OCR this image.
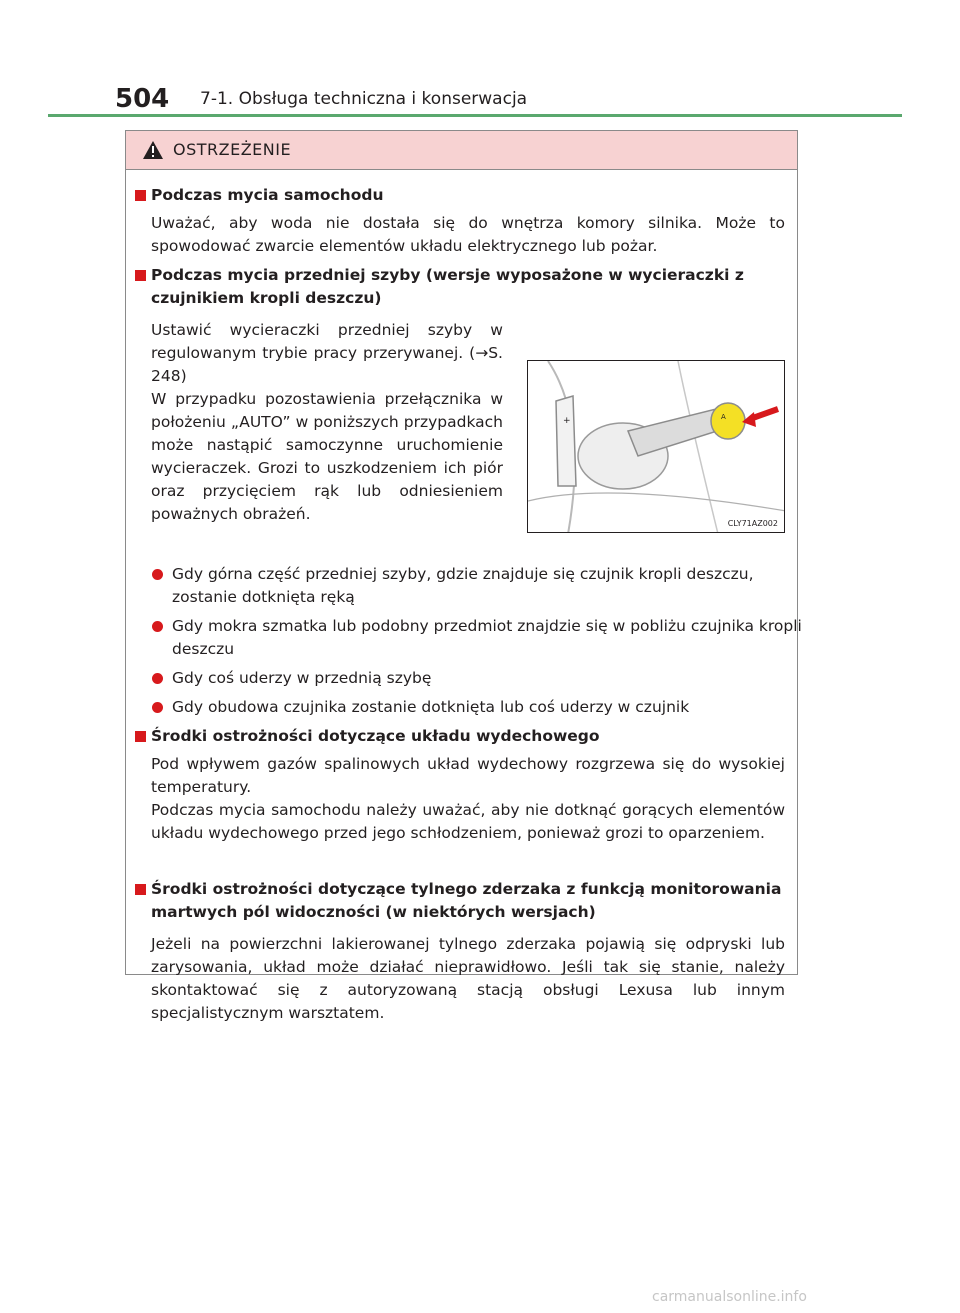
504 7-1. Obsługa techniczna i konserwacja
OSTRZEŻENIE
Podczas mycia samochodu
Uważać, aby woda nie dostała się do wnętrza komory silnika. Może to spowodować zwarcie elementów układu elektrycznego lub pożar.
Podczas mycia przedniej szyby (wersje wyposażone w wycieraczki z czujnikiem kropli deszczu)
Ustawić wycieraczki przedniej szyby w regulowanym trybie pracy przerywanej. (→S. 248)
W przypadku pozostawienia przełącznika w położeniu „AUTO” w poniższych przypadkach może nastąpić samoczynne uruchomienie wycieraczek. Grozi to uszkodzeniem ich piór oraz przycięciem rąk lub odniesieniem poważnych obrażeń.
+	A
CLY71AZ002
Gdy górna część przedniej szyby, gdzie znajduje się czujnik kropli deszczu, zostanie dotknięta ręką
Gdy mokra szmatka lub podobny przedmiot znajdzie się w pobliżu czujnika kropli deszczu
Gdy coś uderzy w przednią szybę
Gdy obudowa czujnika zostanie dotknięta lub coś uderzy w czujnik
Środki ostrożności dotyczące układu wydechowego
Pod wpływem gazów spalinowych układ wydechowy rozgrzewa się do wysokiej temperatury.
Podczas mycia samochodu należy uważać, aby nie dotknąć gorących elementów układu wydechowego przed jego schłodzeniem, ponieważ grozi to oparzeniem.
Środki ostrożności dotyczące tylnego zderzaka z funkcją monitorowania martwych pól widoczności (w niektórych wersjach)
Jeżeli na powierzchni lakierowanej tylnego zderzaka pojawią się odpryski lub zarysowania, układ może działać nieprawidłowo. Jeśli tak się stanie, należy skontaktować się z autoryzowaną stacją obsługi Lexusa lub innym specjalistycznym warsztatem.
carmanualsonline.info
